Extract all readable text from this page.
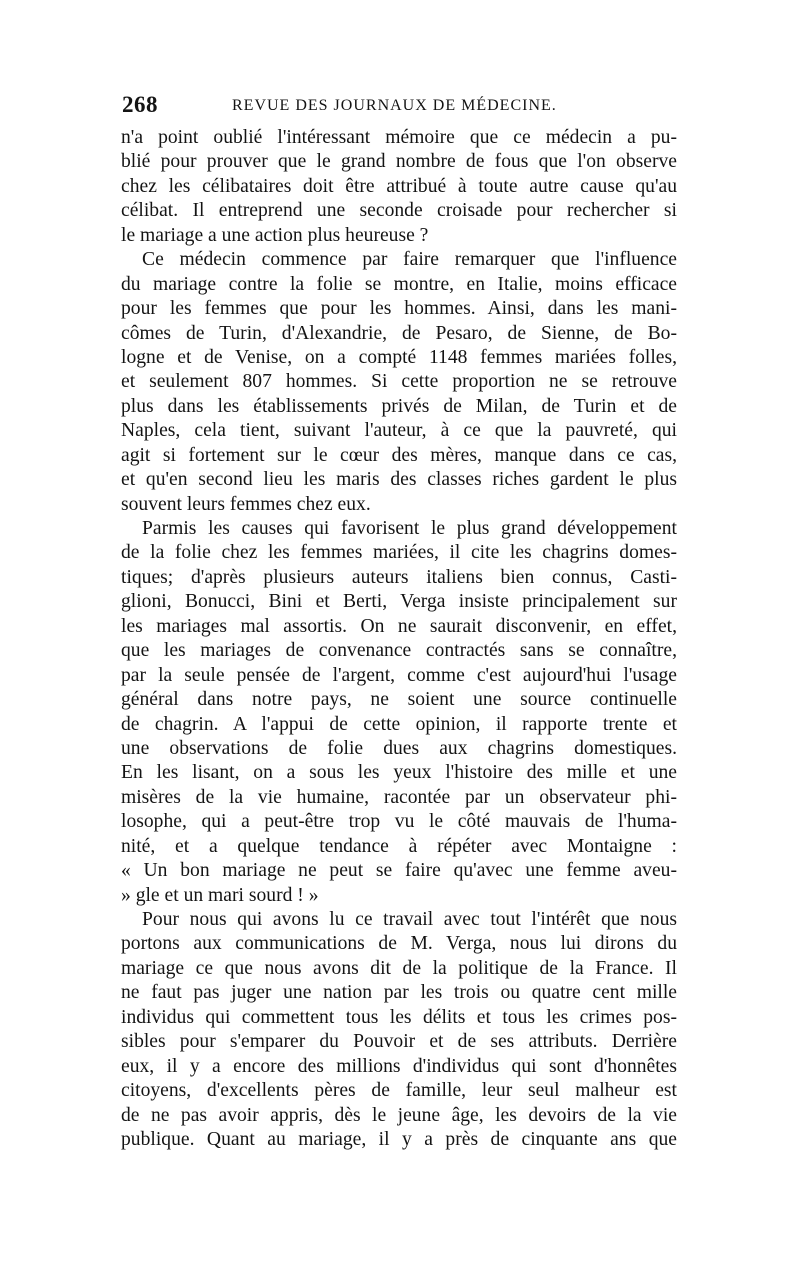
268	REVUE DES JOURNAUX DE MÉDECINE.
n'a point oublié l'intéressant mémoire que ce médecin a pu-
blié pour prouver que le grand nombre de fous que l'on observe
chez les célibataires doit être attribué à toute autre cause qu'au
célibat. Il entreprend une seconde croisade pour rechercher si
le mariage a une action plus heureuse ?
Ce médecin commence par faire remarquer que l'influence
du mariage contre la folie se montre, en Italie, moins efficace
pour les femmes que pour les hommes. Ainsi, dans les mani-
cômes de Turin, d'Alexandrie, de Pesaro, de Sienne, de Bo-
logne et de Venise, on a compté 1148 femmes mariées folles,
et seulement 807 hommes. Si cette proportion ne se retrouve
plus dans les établissements privés de Milan, de Turin et de
Naples, cela tient, suivant l'auteur, à ce que la pauvreté, qui
agit si fortement sur le cœur des mères, manque dans ce cas,
et qu'en second lieu les maris des classes riches gardent le plus
souvent leurs femmes chez eux.
Parmis les causes qui favorisent le plus grand développement
de la folie chez les femmes mariées, il cite les chagrins domes-
tiques; d'après plusieurs auteurs italiens bien connus, Casti-
glioni, Bonucci, Bini et Berti, Verga insiste principalement sur
les mariages mal assortis. On ne saurait disconvenir, en effet,
que les mariages de convenance contractés sans se connaître,
par la seule pensée de l'argent, comme c'est aujourd'hui l'usage
général dans notre pays, ne soient une source continuelle
de chagrin. A l'appui de cette opinion, il rapporte trente et
une observations de folie dues aux chagrins domestiques.
En les lisant, on a sous les yeux l'histoire des mille et une
misères de la vie humaine, racontée par un observateur phi-
losophe, qui a peut-être trop vu le côté mauvais de l'huma-
nité, et a quelque tendance à répéter avec Montaigne :
« Un bon mariage ne peut se faire qu'avec une femme aveu-
» gle et un mari sourd ! »
Pour nous qui avons lu ce travail avec tout l'intérêt que nous
portons aux communications de M. Verga, nous lui dirons du
mariage ce que nous avons dit de la politique de la France. Il
ne faut pas juger une nation par les trois ou quatre cent mille
individus qui commettent tous les délits et tous les crimes pos-
sibles pour s'emparer du Pouvoir et de ses attributs. Derrière
eux, il y a encore des millions d'individus qui sont d'honnêtes
citoyens, d'excellents pères de famille, leur seul malheur est
de ne pas avoir appris, dès le jeune âge, les devoirs de la vie
publique. Quant au mariage, il y a près de cinquante ans que
